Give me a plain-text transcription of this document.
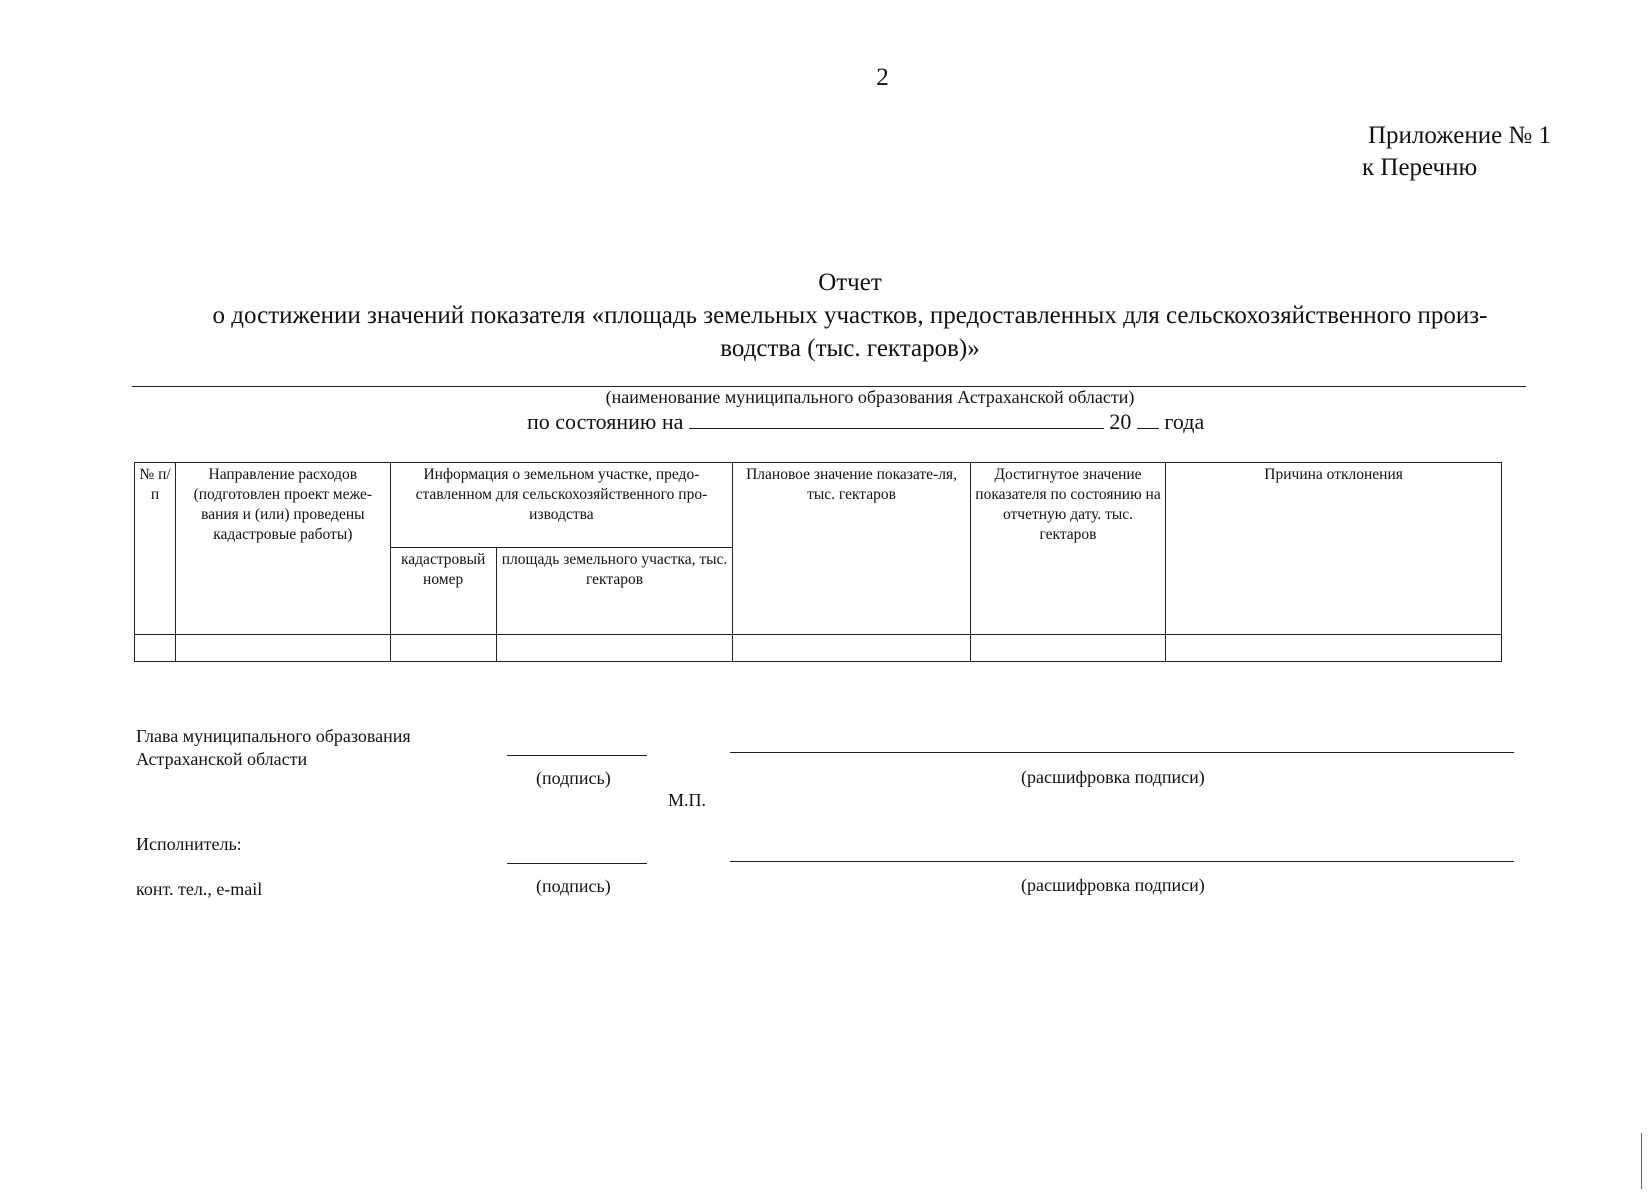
2
Приложение № 1
к Перечню
Отчет
о достижении значений показателя «площадь земельных участков, предоставленных для сельскохозяйственного произ-
водства (тыс. гектаров)»
(наименование муниципального образования Астраханской области)
по состоянию на	20 года
№ п/п	Направление расходов (подготовлен проект меже-вания и (или) проведены кадастровые работы)	Информация о земельном участке, предо-ставленном для сельскохозяйственного про-изводства		Плановое значение показате-ля, тыс. гектаров	Достигнутое значение показателя по состоянию на отчетную дату. тыс. гектаров	Причина отклонения
		кадастровый номер	площадь земельного участка, тыс. гектаров			

Глава муниципального образования
Астраханской области
(подпись)	(расшифровка подписи)
М.П.
Исполнитель:
конт. тел., e-mail	(подпись)	(расшифровка подписи)
